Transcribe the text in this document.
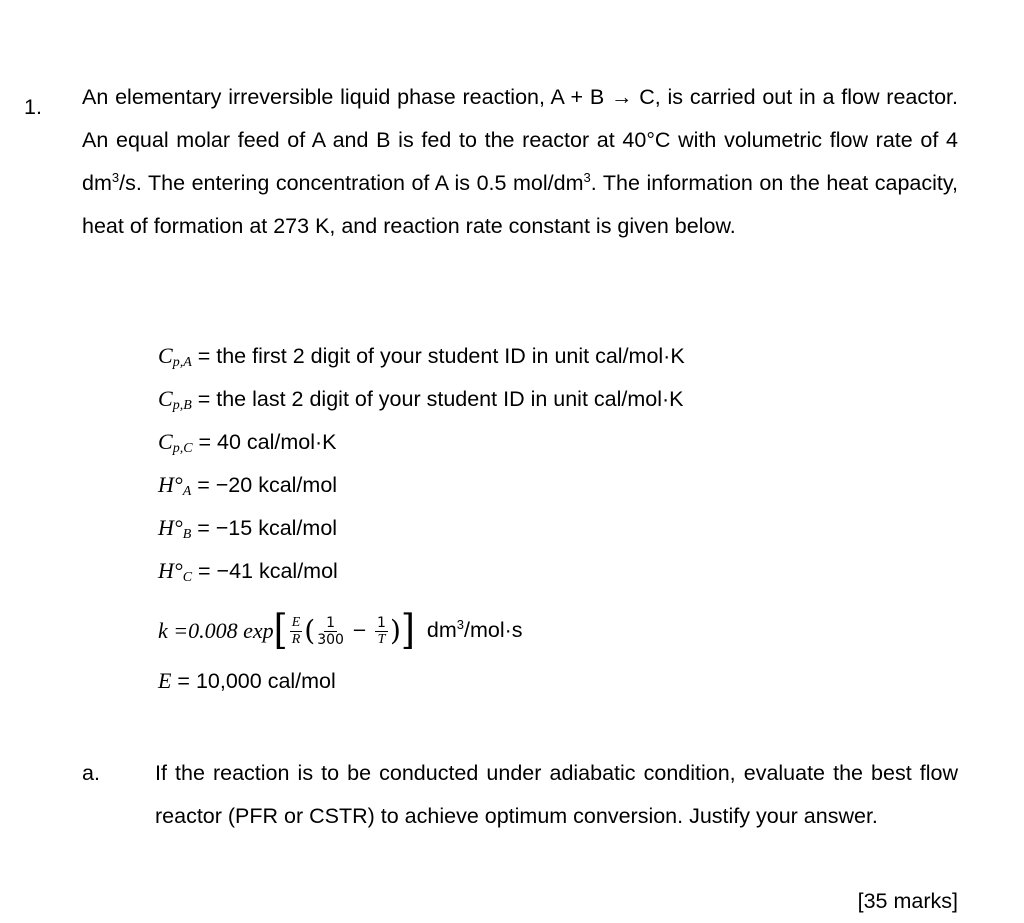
1. An elementary irreversible liquid phase reaction, A + B → C, is carried out in a flow reactor. An equal molar feed of A and B is fed to the reactor at 40°C with volumetric flow rate of 4 $dm^3/s$. The entering concentration of A is 0.5 mol/$dm^3$. The information on the heat capacity, heat of formation at 273 K, and reaction rate constant is given below.
$C_{p,A}$ = the first 2 digit of your student ID in unit cal/mol·K
$C_{p,B}$ = the last 2 digit of your student ID in unit cal/mol·K
$C_{p,C} = 40$ cal/mol·K
$H^\circ_A = -20$ kcal/mol
$H^\circ_B = -15$ kcal/mol
$H^\circ_C = -41$ kcal/mol
k =0.008 exp [ $\frac{E}{R}$ ( $\frac{1}{300} - \frac{1}{T}$ ) ] $dm^3/mol\cdot s$
E = 10,000 cal/mol
a.	If the reaction is to be conducted under adiabatic condition, evaluate the best flow reactor (PFR or CSTR) to achieve optimum conversion. Justify your answer.
[35 marks]
